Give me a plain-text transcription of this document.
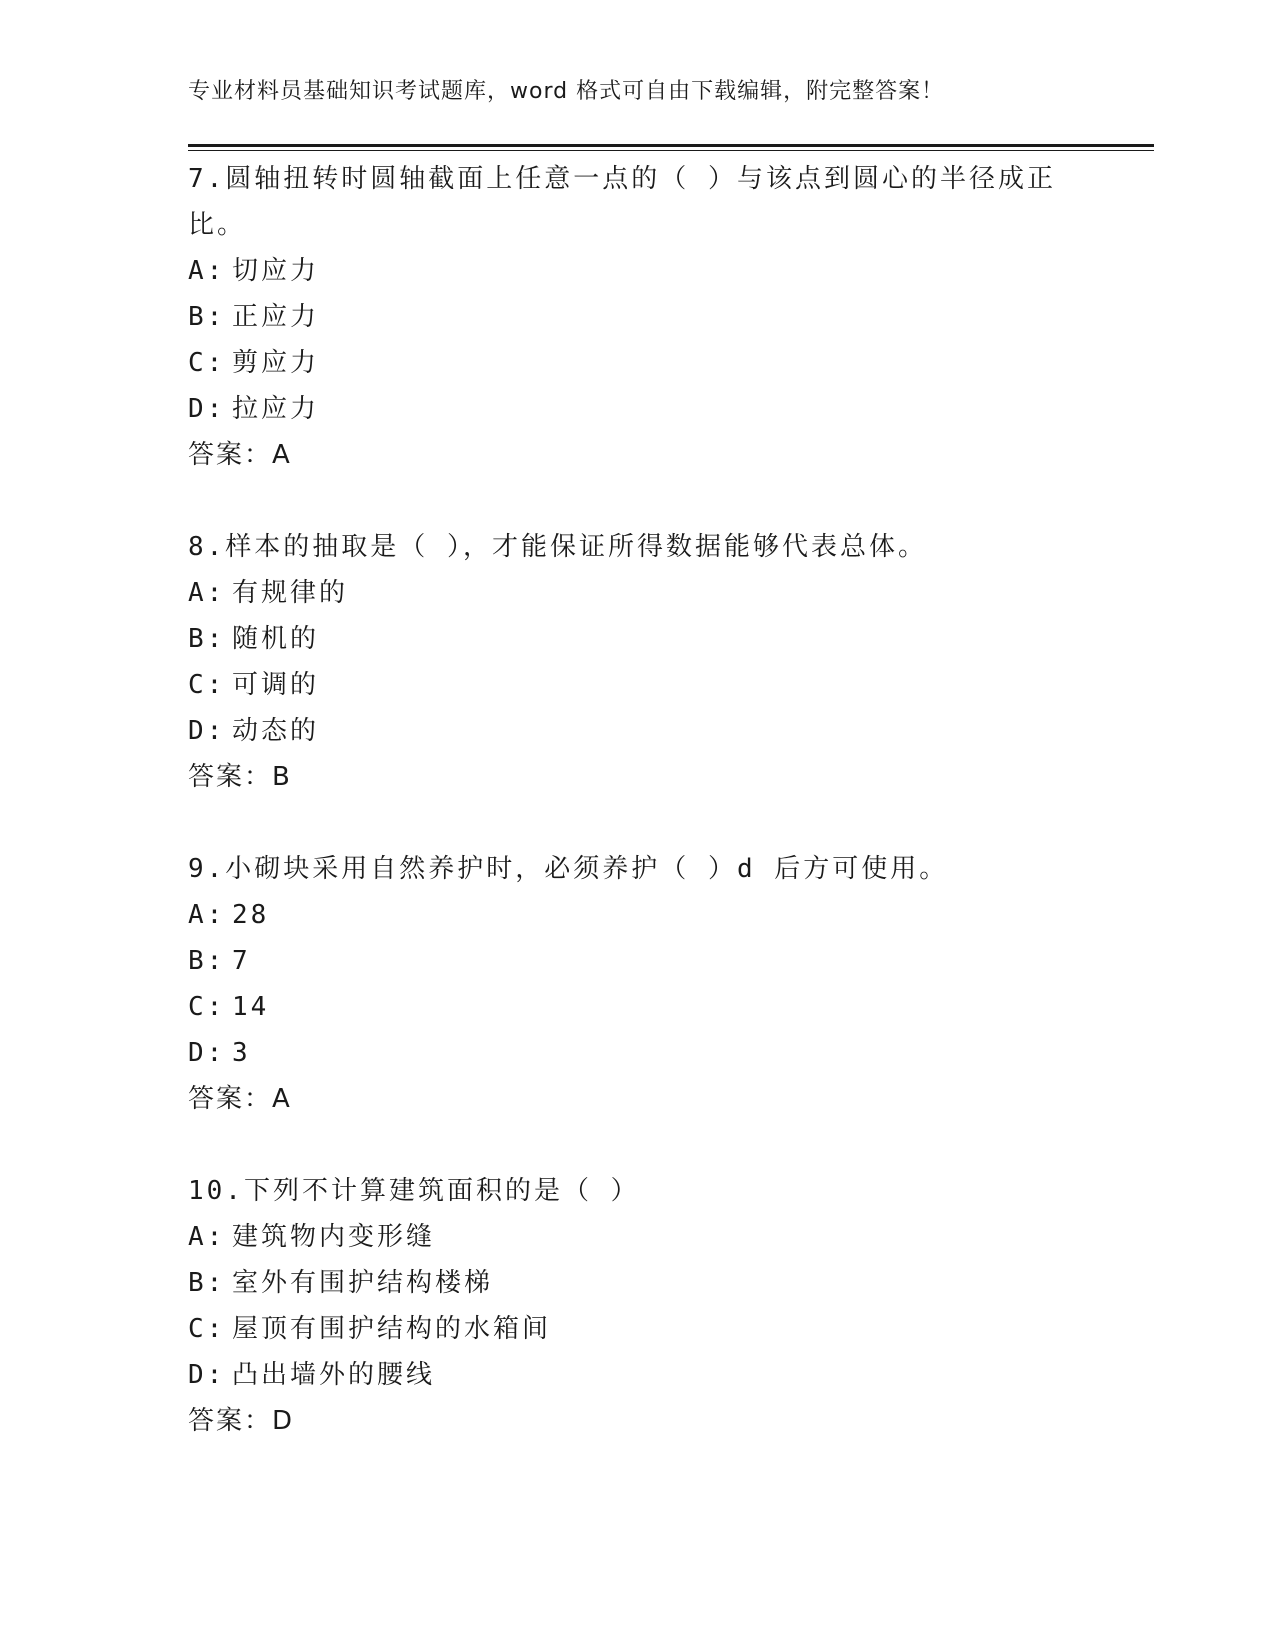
专业材料员基础知识考试题库，word 格式可自由下载编辑，附完整答案！
7.圆轴扭转时圆轴截面上任意一点的（ ）与该点到圆心的半径成正比。
A: 切应力
B: 正应力
C: 剪应力
D: 拉应力
答案：A
8.样本的抽取是（ ），才能保证所得数据能够代表总体。
A: 有规律的
B: 随机的
C: 可调的
D: 动态的
答案：B
9.小砌块采用自然养护时，必须养护（ ）d 后方可使用。
A: 28
B: 7
C: 14
D: 3
答案：A
10.下列不计算建筑面积的是（ ）
A: 建筑物内变形缝
B: 室外有围护结构楼梯
C: 屋顶有围护结构的水箱间
D: 凸出墙外的腰线
答案：D
